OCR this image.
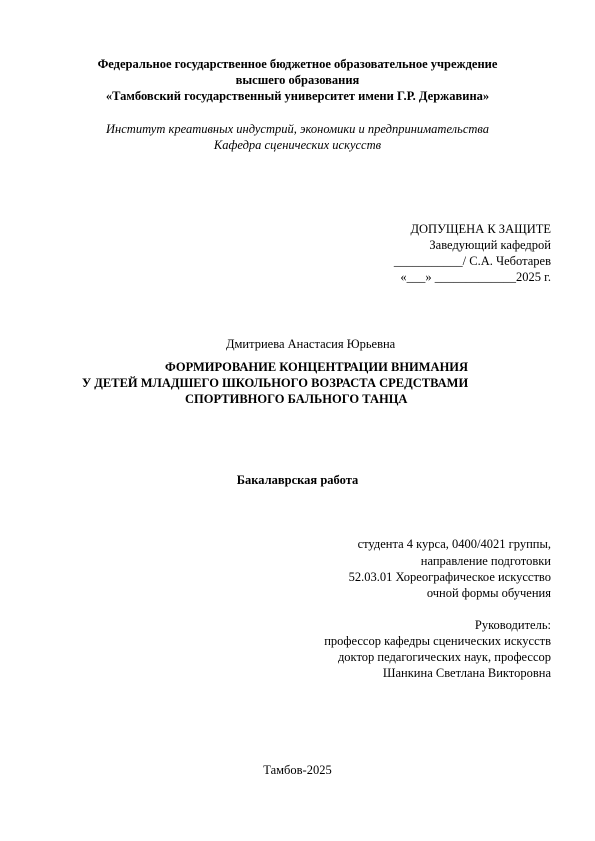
Федеральное государственное бюджетное образовательное учреждение
высшего образования
«Тамбовский государственный университет имени Г.Р. Державина»
Институт креативных индустрий, экономики и предпринимательства
Кафедра сценических искусств
ДОПУЩЕНА К ЗАЩИТЕ
Заведующий кафедрой
___________/ С.А. Чеботарев
«___» _____________2025 г.
Дмитриева Анастасия Юрьевна
ФОРМИРОВАНИЕ КОНЦЕНТРАЦИИ ВНИМАНИЯ
У ДЕТЕЙ МЛАДШЕГО ШКОЛЬНОГО ВОЗРАСТА СРЕДСТВАМИ
СПОРТИВНОГО БАЛЬНОГО ТАНЦА
Бакалаврская работа
студента 4 курса, 0400/4021 группы,
направление подготовки
52.03.01 Хореографическое искусство
очной формы обучения
Руководитель:
профессор кафедры сценических искусств
доктор педагогических наук, профессор
Шанкина Светлана Викторовна
Тамбов-2025
